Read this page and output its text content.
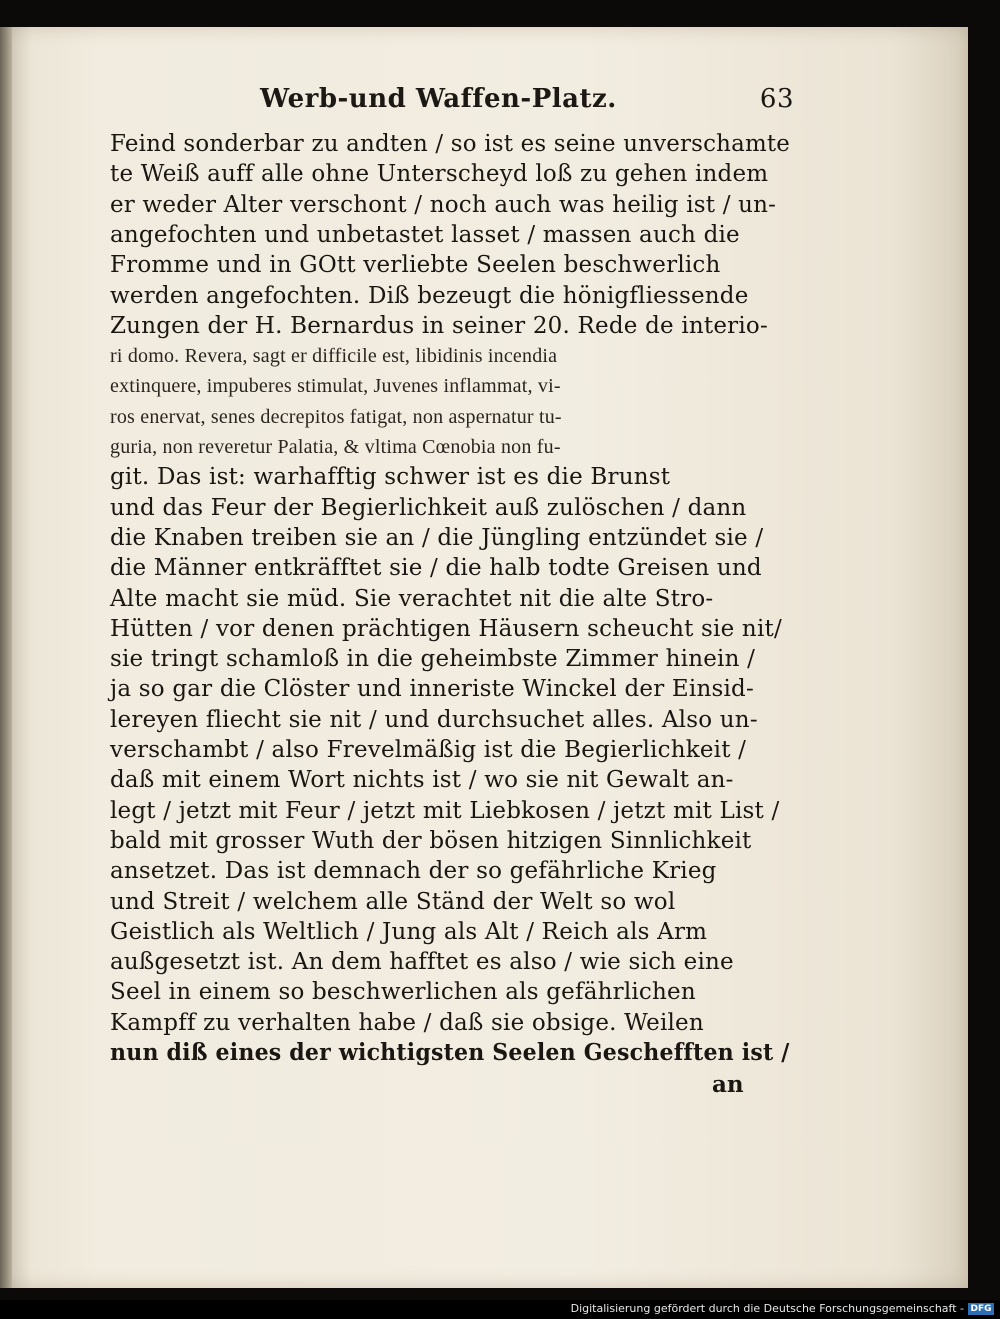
Werb-und Waffen-Platz.	63
Feind sonderbar zu andten / so ist es seine unverschamte
te Weiß auff alle ohne Unterscheyd loß zu gehen indem
er weder Alter verschont / noch auch was heilig ist / un-
angefochten und unbetastet lasset / massen auch die
Fromme und in GOtt verliebte Seelen beschwerlich
werden angefochten. Diß bezeugt die hönigfliessende
Zungen der H. Bernardus in seiner 20. Rede de interio-
ri domo. Revera, sagt er difficile est, libidinis incendia
extinquere, impuberes stimulat, Juvenes inflammat, vi-
ros enervat, senes decrepitos fatigat, non aspernatur tu-
guria, non reveretur Palatia, & vltima Cœnobia non fu-
git. Das ist: warhafftig schwer ist es die Brunst
und das Feur der Begierlichkeit auß zulöschen / dann
die Knaben treiben sie an / die Jüngling entzündet sie /
die Männer entkräfftet sie / die halb todte Greisen und
Alte macht sie müd. Sie verachtet nit die alte Stro-
Hütten / vor denen prächtigen Häusern scheucht sie nit/
sie tringt schamloß in die geheimbste Zimmer hinein /
ja so gar die Clöster und inneriste Winckel der Einsid-
lereyen fliecht sie nit / und durchsuchet alles. Also un-
verschambt / also Frevelmäßig ist die Begierlichkeit /
daß mit einem Wort nichts ist / wo sie nit Gewalt an-
legt / jetzt mit Feur / jetzt mit Liebkosen / jetzt mit List /
bald mit grosser Wuth der bösen hitzigen Sinnlichkeit
ansetzet. Das ist demnach der so gefährliche Krieg
und Streit / welchem alle Ständ der Welt so wol
Geistlich als Weltlich / Jung als Alt / Reich als Arm
außgesetzt ist. An dem hafftet es also / wie sich eine
Seel in einem so beschwerlichen als gefährlichen
Kampff zu verhalten habe / daß sie obsige. Weilen
nun diß eines der wichtigsten Seelen Geschefften ist /
an
Digitalisierung gefördert durch die Deutsche Forschungsgemeinschaft - DFG
